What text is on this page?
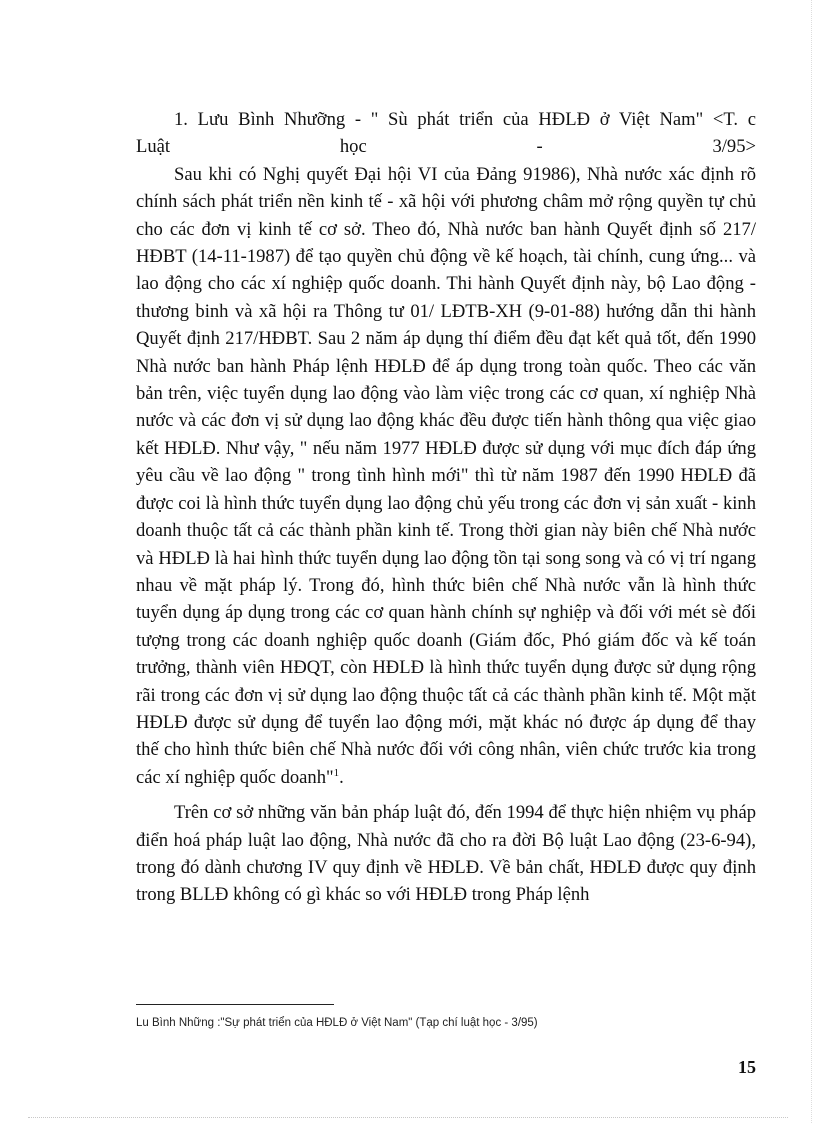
1. Lưu Bình Nhưỡng - " Sù phát triển của HĐLĐ ở Việt Nam" <T. c
Luật học - 3/95>

Sau khi có Nghị quyết Đại hội VI của Đảng 91986), Nhà nước xác định rõ chính sách phát triển nền kinh tế - xã hội với phương châm mở rộng quyền tự chủ cho các đơn vị kinh tế cơ sở. Theo đó, Nhà nước ban hành Quyết định số 217/ HĐBT (14-11-1987) để tạo quyền chủ động về kế hoạch, tài chính, cung ứng... và lao động cho các xí nghiệp quốc doanh. Thi hành Quyết định này, bộ Lao động - thương binh và xã hội ra Thông tư 01/ LĐTB-XH (9-01-88) hướng dẫn thi hành Quyết định 217/HĐBT. Sau 2 năm áp dụng thí điểm đều đạt kết quả tốt, đến 1990 Nhà nước ban hành Pháp lệnh HĐLĐ để áp dụng trong toàn quốc. Theo các văn bản trên, việc tuyển dụng lao động vào làm việc trong các cơ quan, xí nghiệp Nhà nước và các đơn vị sử dụng lao động khác đều được tiến hành thông qua việc giao kết HĐLĐ. Như vậy, " nếu năm 1977 HĐLĐ được sử dụng với mục đích đáp ứng yêu cầu về lao động " trong tình hình mới" thì từ năm 1987 đến 1990 HĐLĐ đã được coi là hình thức tuyển dụng lao động chủ yếu trong các đơn vị sản xuất - kinh doanh thuộc tất cả các thành phần kinh tế. Trong thời gian này biên chế Nhà nước và HĐLĐ là hai hình thức tuyển dụng lao động tồn tại song song và có vị trí ngang nhau về mặt pháp lý. Trong đó, hình thức biên chế Nhà nước vẫn là hình thức tuyển dụng áp dụng trong các cơ quan hành chính sự nghiệp và đối với mét sè đối tượng trong các doanh nghiệp quốc doanh (Giám đốc, Phó giám đốc và kế toán trưởng, thành viên HĐQT, còn HĐLĐ là hình thức tuyển dụng được sử dụng rộng rãi trong các đơn vị sử dụng lao động thuộc tất cả các thành phần kinh tế. Một mặt HĐLĐ được sử dụng để tuyển lao động mới, mặt khác nó được áp dụng để thay thế cho hình thức biên chế Nhà nước đối với công nhân, viên chức trước kia trong các xí nghiệp quốc doanh"$^1$.

Trên cơ sở những văn bản pháp luật đó, đến 1994 để thực hiện nhiệm vụ pháp điển hoá pháp luật lao động, Nhà nước đã cho ra đời Bộ luật Lao động (23-6-94), trong đó dành chương IV quy định về HĐLĐ. Về bản chất, HĐLĐ được quy định trong BLLĐ không có gì khác so với HĐLĐ trong Pháp lệnh

Lu Bình Những :"Sự phát triển của HĐLĐ ở Việt Nam" (Tạp chí luật học - 3/95)
15
